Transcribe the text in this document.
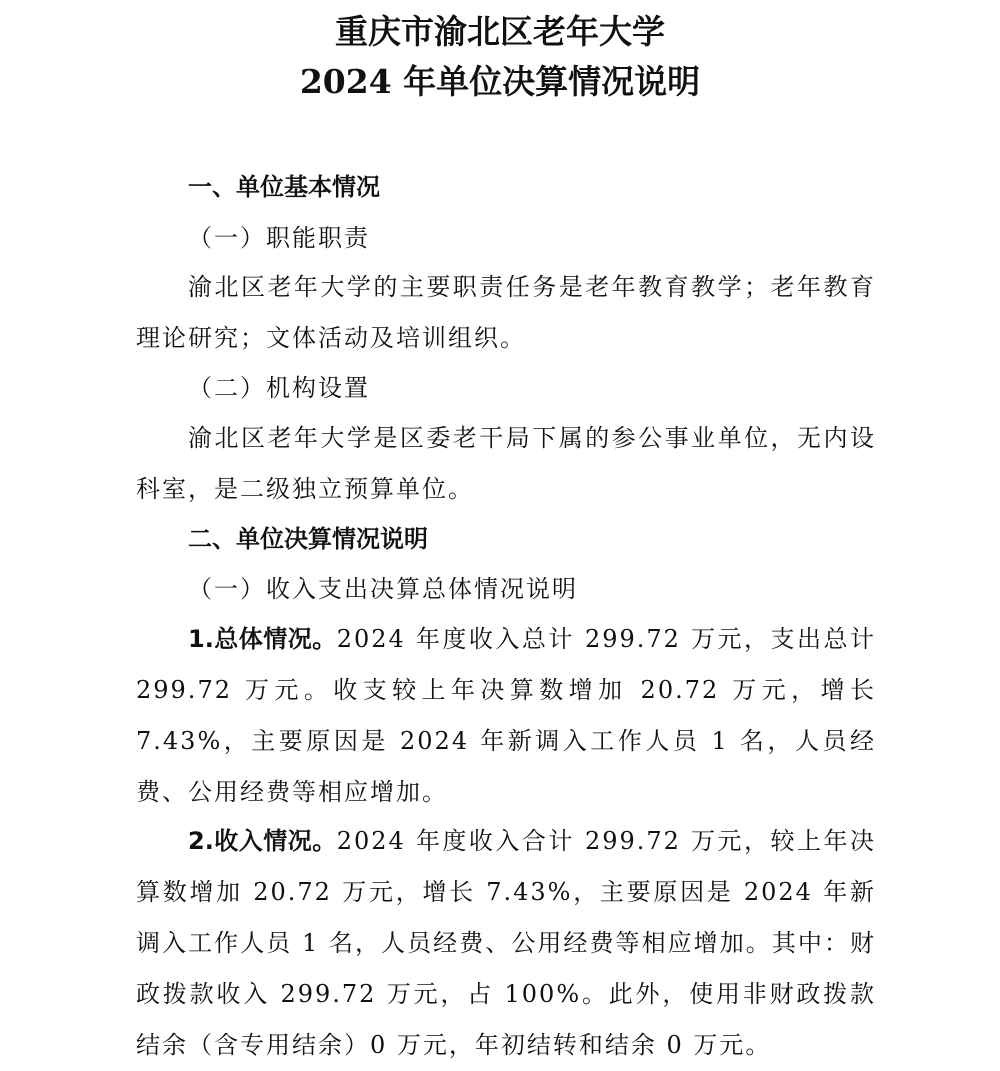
重庆市渝北区老年大学
2024 年单位决算情况说明
一、单位基本情况
（一）职能职责
渝北区老年大学的主要职责任务是老年教育教学；老年教育理论研究；文体活动及培训组织。
（二）机构设置
渝北区老年大学是区委老干局下属的参公事业单位，无内设科室，是二级独立预算单位。
二、单位决算情况说明
（一）收入支出决算总体情况说明
1.总体情况。2024 年度收入总计 299.72 万元，支出总计 299.72 万元。收支较上年决算数增加 20.72 万元，增长 7.43%，主要原因是 2024 年新调入工作人员 1 名，人员经费、公用经费等相应增加。
2.收入情况。2024 年度收入合计 299.72 万元，较上年决算数增加 20.72 万元，增长 7.43%，主要原因是 2024 年新调入工作人员 1 名，人员经费、公用经费等相应增加。其中：财政拨款收入 299.72 万元，占 100%。此外，使用非财政拨款结余（含专用结余）0 万元，年初结转和结余 0 万元。
